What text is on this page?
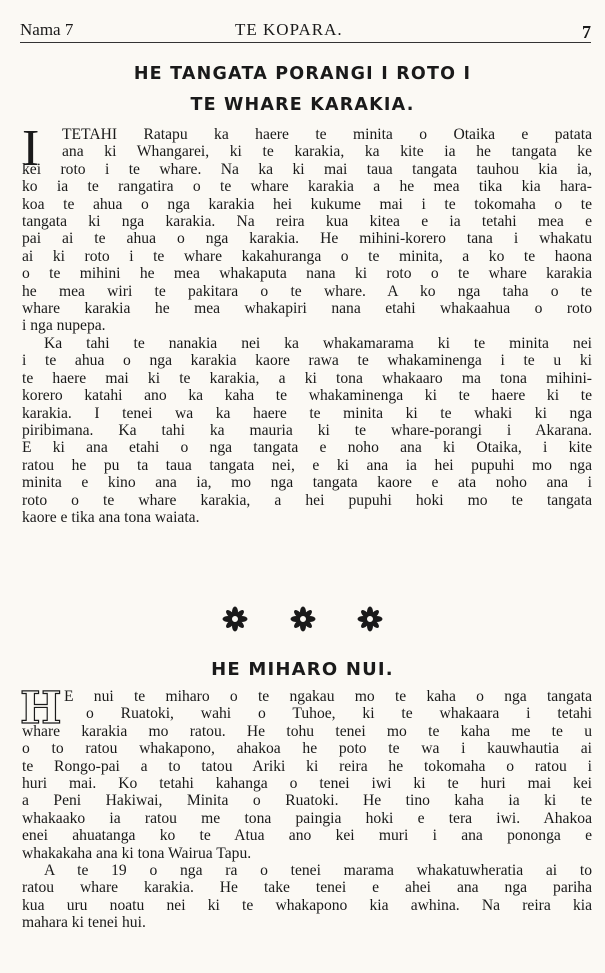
Nama 7	TE KOPARA.	7
HE TANGATA PORANGI I ROTO I
TE WHARE KARAKIA.
I	TETAHI Ratapu ka haere te minita o Otaika e patata
ana ki Whangarei, ki te karakia, ka kite ia he tangata ke
kei roto i te whare. Na ka ki mai taua tangata tauhou kia ia,
ko ia te rangatira o te whare karakia a he mea tika kia hara-
koa te ahua o nga karakia hei kukume mai i te tokomaha o te
tangata ki nga karakia. Na reira kua kitea e ia tetahi mea e
pai ai te ahua o nga karakia. He mihini-korero tana i whakatu
ai ki roto i te whare kakahuranga o te minita, a ko te haona
o te mihini he mea whakaputa nana ki roto o te whare karakia
he mea wiri te pakitara o te whare. A ko nga taha o te
whare karakia he mea whakapiri nana etahi whakaahua o roto
i nga nupepa.
Ka tahi te nanakia nei ka whakamarama ki te minita nei
i te ahua o nga karakia kaore rawa te whakaminenga i te u ki
te haere mai ki te karakia, a ki tona whakaaro ma tona mihini-
korero katahi ano ka kaha te whakaminenga ki te haere ki te
karakia. I tenei wa ka haere te minita ki te whaki ki nga
piribimana. Ka tahi ka mauria ki te whare-porangi i Akarana.
E ki ana etahi o nga tangata e noho ana ki Otaika, i kite
ratou he pu ta taua tangata nei, e ki ana ia hei pupuhi mo nga
minita e kino ana ia, mo nga tangata kaore e ata noho ana i
roto o te whare karakia, a hei pupuhi hoki mo te tangata
kaore e tika ana tona waiata.

HE MIHARO NUI.
H E nui te miharo o te ngakau mo te kaha o nga tangata
o Ruatoki, wahi o Tuhoe, ki te whakaara i tetahi
whare karakia mo ratou. He tohu tenei mo te kaha me te u
o to ratou whakapono, ahakoa he poto te wa i kauwhautia ai
te Rongo-pai a to tatou Ariki ki reira he tokomaha o ratou i
huri mai. Ko tetahi kahanga o tenei iwi ki te huri mai kei
a Peni Hakiwai, Minita o Ruatoki. He tino kaha ia ki te
whakaako ia ratou me tona paingia hoki e tera iwi. Ahakoa
enei ahuatanga ko te Atua ano kei muri i ana pononga e
whakakaha ana ki tona Wairua Tapu.
A te 19 o nga ra o tenei marama whakatuwheratia ai to
ratou whare karakia. He take tenei e ahei ana nga pariha
kua uru noatu nei ki te whakapono kia awhina. Na reira kia
mahara ki tenei hui.
